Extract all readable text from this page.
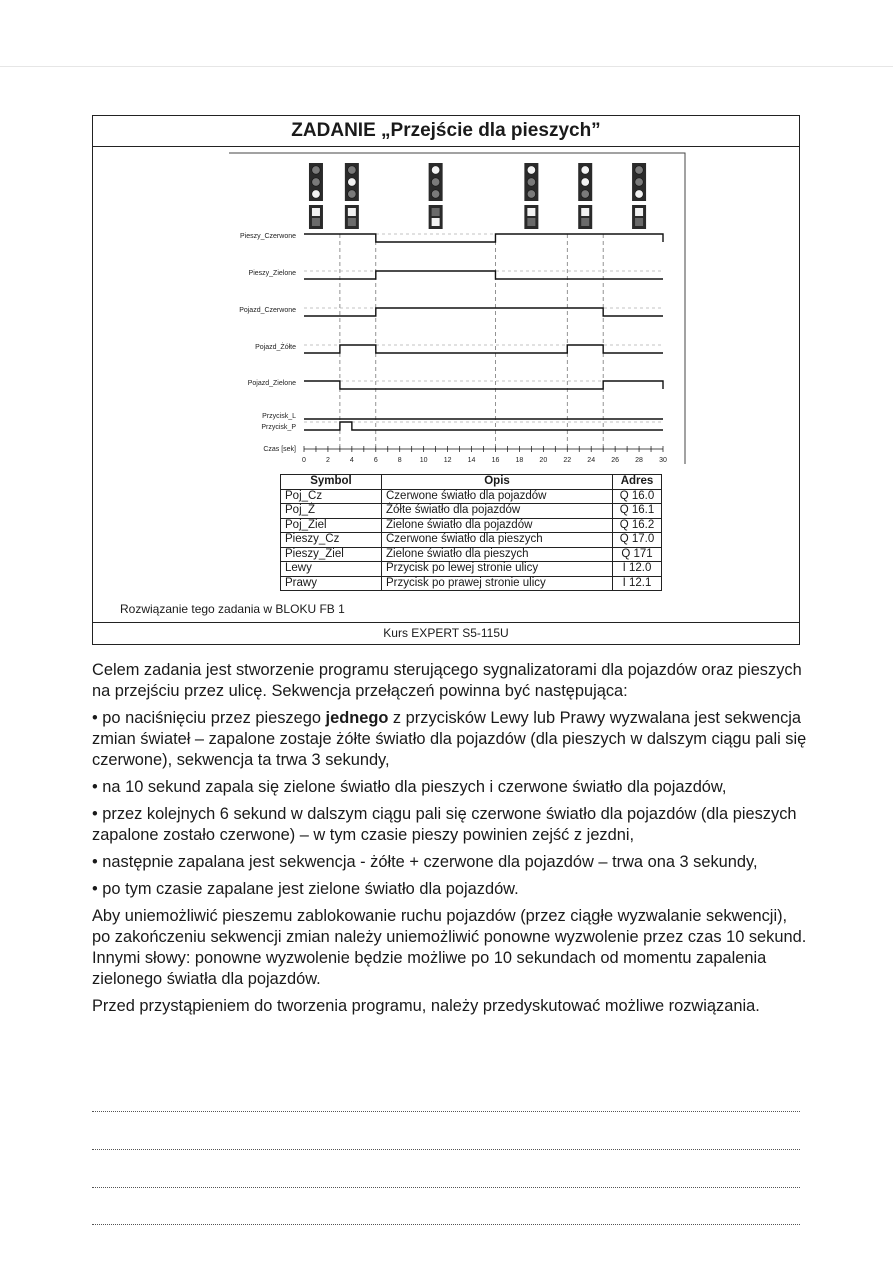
ZADANIE „Przejście dla pieszych”
Pieszy_Czerwone
Pieszy_Zielone
Pojazd_Czerwone
Pojazd_Żółte
Pojazd_Zielone
Przycisk_L
Przycisk_P
Czas [sek]
0	2	4	6	8	10 12 14 16 18 20 22 24 26 28 30
Symbol	Opis	Adres
Poj_Cz	Czerwone światło dla pojazdów	Q 16.0
Poj_Ż	Żółte światło dla pojazdów	Q 16.1
Poj_Ziel	Zielone światło dla pojazdów	Q 16.2
Pieszy_Cz	Czerwone światło dla pieszych	Q 17.0
Pieszy_Ziel	Zielone światło dla pieszych	Q 171
Lewy	Przycisk po lewej stronie ulicy	I 12.0
Prawy	Przycisk po prawej stronie ulicy	I 12.1
Rozwiązanie tego zadania w BLOKU FB 1
Kurs EXPERT S5-115U

Celem zadania jest stworzenie programu sterującego sygnalizatorami dla pojazdów oraz pieszych na przejściu przez ulicę. Sekwencja przełączeń powinna być następująca:

• po naciśnięciu przez pieszego jednego z przycisków Lewy lub Prawy wyzwalana jest sekwencja zmian świateł – zapalone zostaje żółte światło dla pojazdów (dla pieszych w dalszym ciągu pali się czerwone), sekwencja ta trwa 3 sekundy,

• na 10 sekund zapala się zielone światło dla pieszych i czerwone światło dla pojazdów,

• przez kolejnych 6 sekund w dalszym ciągu pali się czerwone światło dla pojazdów (dla pieszych zapalone zostało czerwone) – w tym czasie pieszy powinien zejść z jezdni,

• następnie zapalana jest sekwencja - żółte + czerwone dla pojazdów – trwa ona 3 sekundy,

• po tym czasie zapalane jest zielone światło dla pojazdów.

Aby uniemożliwić pieszemu zablokowanie ruchu pojazdów (przez ciągłe wyzwalanie sekwencji), po zakończeniu sekwencji zmian należy uniemożliwić ponowne wyzwolenie przez czas 10 sekund. Innymi słowy: ponowne wyzwolenie będzie możliwe po 10 sekundach od momentu zapalenia zielonego światła dla pojazdów.

Przed przystąpieniem do tworzenia programu, należy przedyskutować możliwe rozwiązania.
